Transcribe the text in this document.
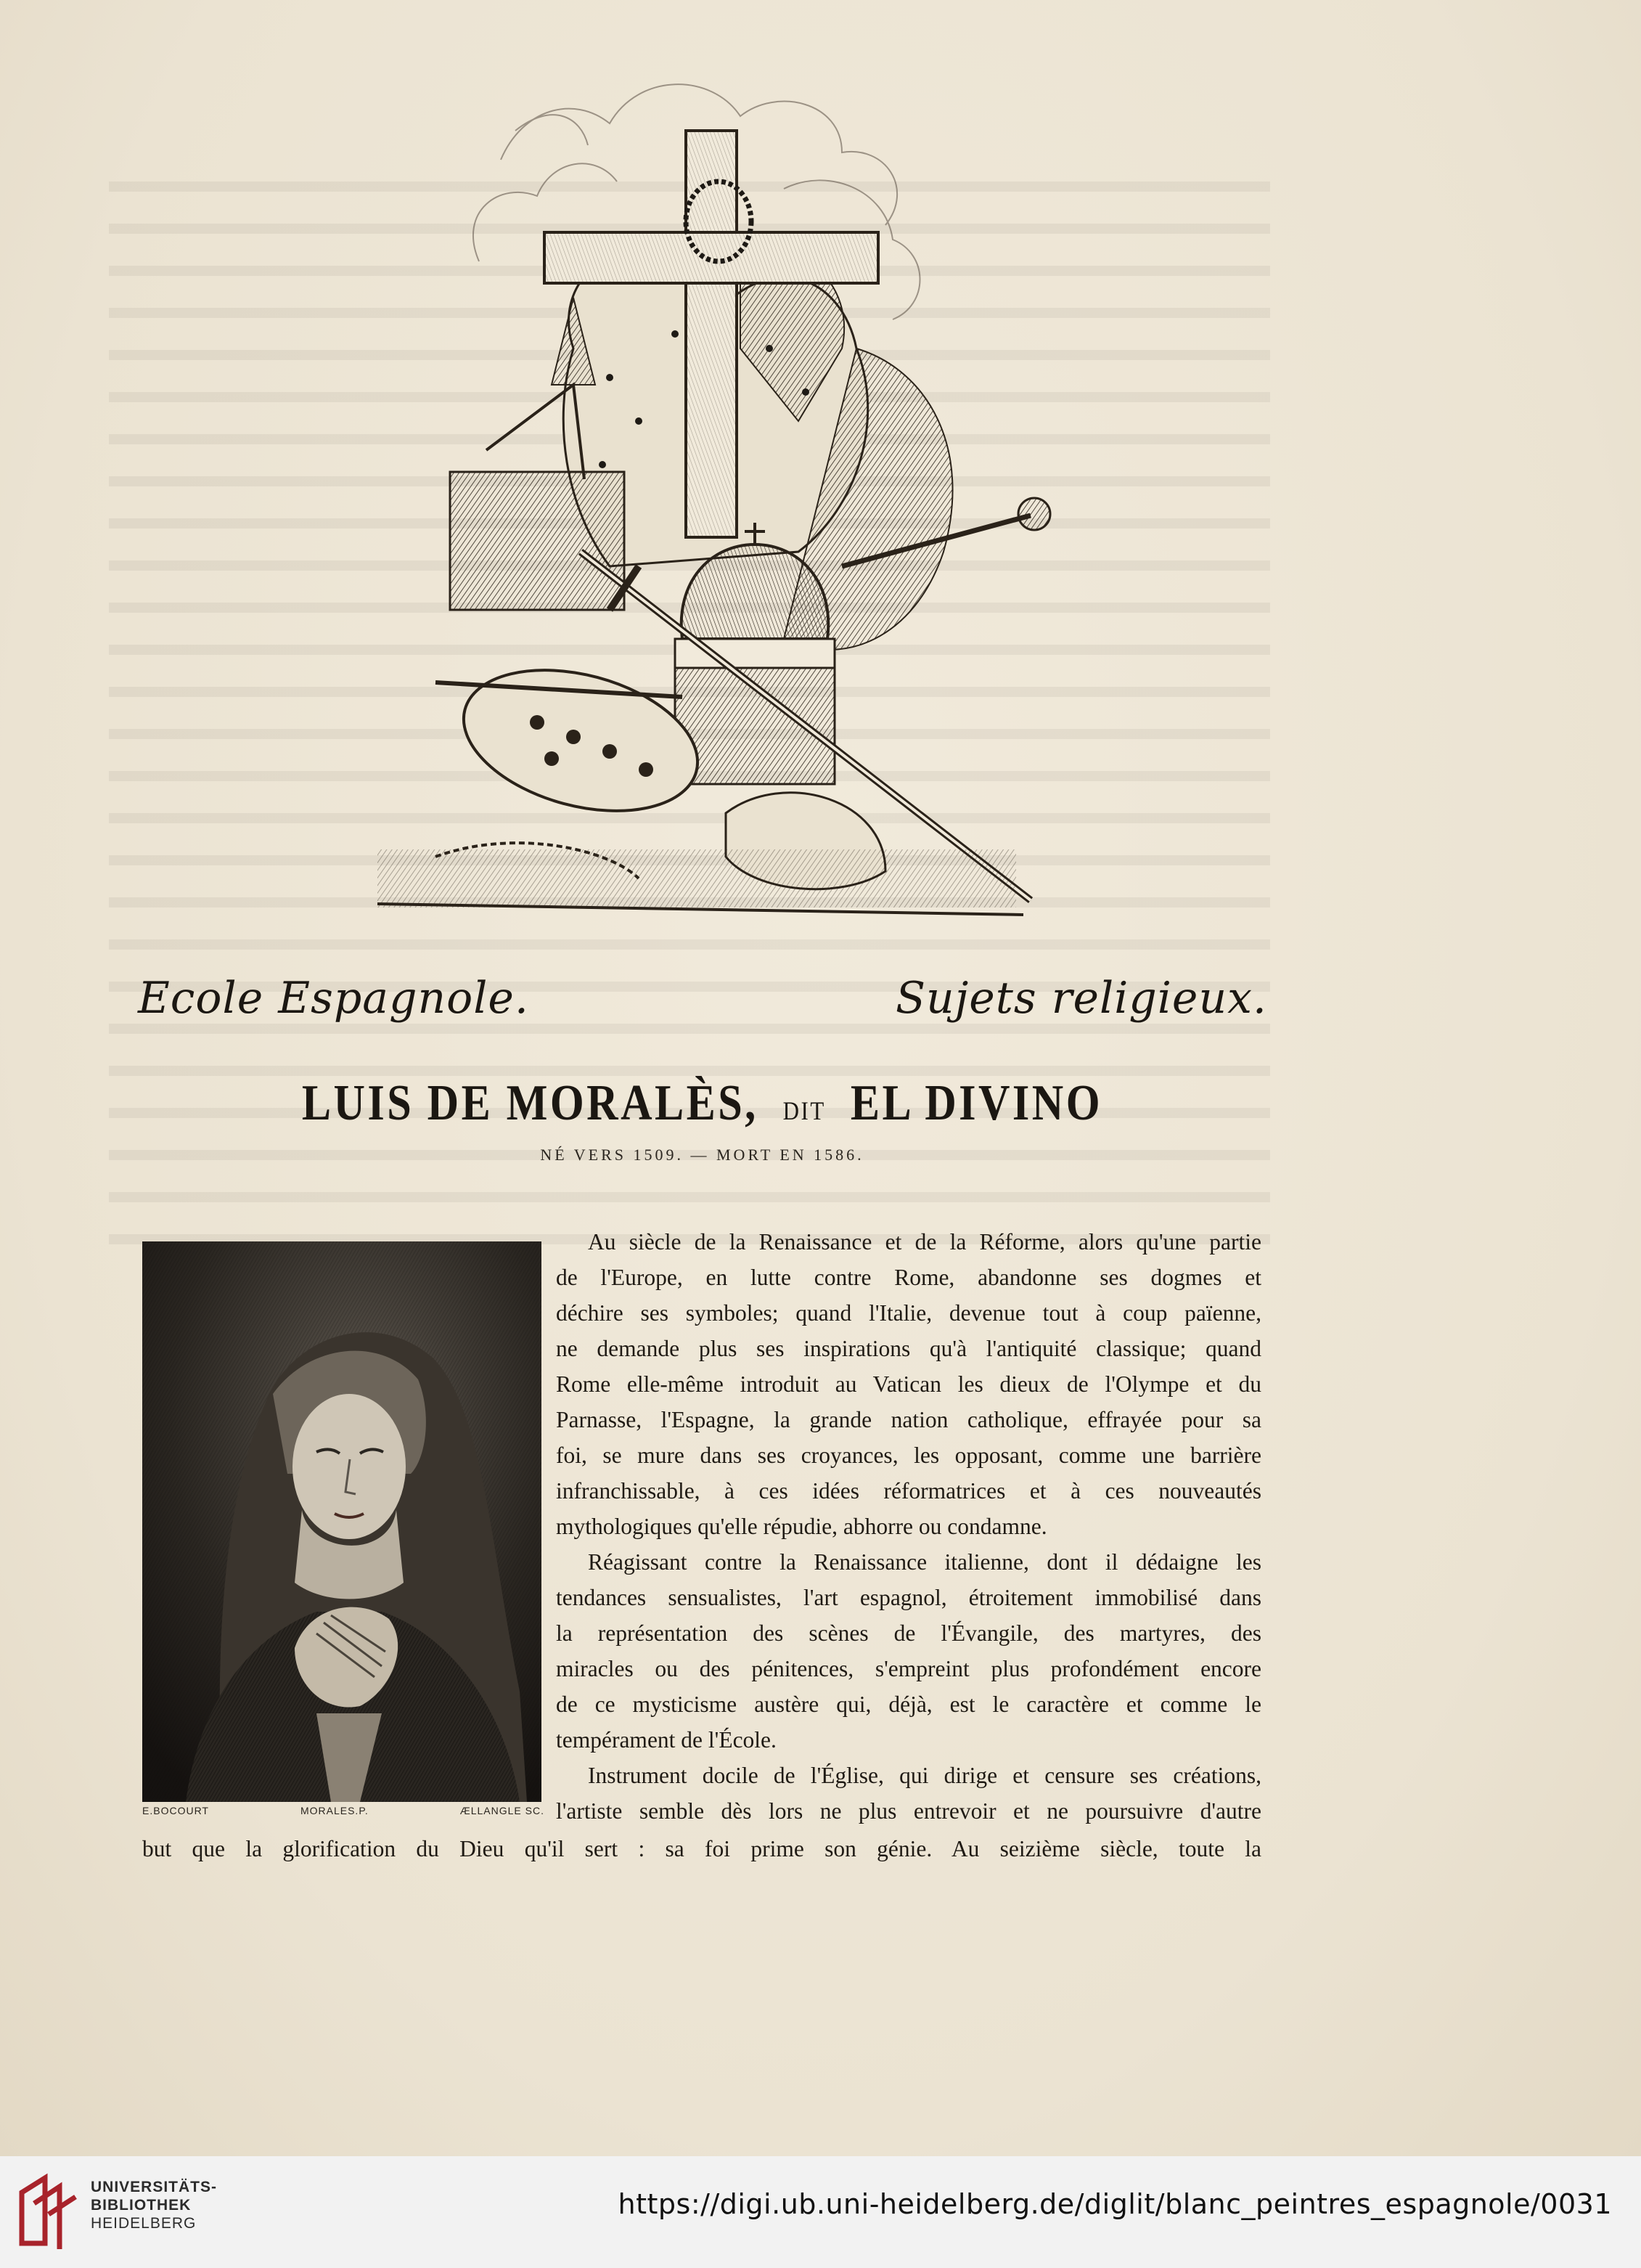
Ecole Espagnole.	Sujets religieux.
LUIS DE MORALÈS, DIT EL DIVINO
NÉ VERS 1509. — MORT EN 1586.
E.BOCOURT	MORALES.P.	ÆLLANGLE SC.
Au siècle de la Renaissance et de la Réforme, alors qu'une partie
de l'Europe, en lutte contre Rome, abandonne ses dogmes et
déchire ses symboles; quand l'Italie, devenue tout à coup païenne,
ne demande plus ses inspirations qu'à l'antiquité classique; quand
Rome elle-même introduit au Vatican les dieux de l'Olympe et du
Parnasse, l'Espagne, la grande nation catholique, effrayée pour sa
foi, se mure dans ses croyances, les opposant, comme une barrière
infranchissable, à ces idées réformatrices et à ces nouveautés
mythologiques qu'elle répudie, abhorre ou condamne.
Réagissant contre la Renaissance italienne, dont il dédaigne les
tendances sensualistes, l'art espagnol, étroitement immobilisé dans
la représentation des scènes de l'Évangile, des martyres, des
miracles ou des pénitences, s'empreint plus profondément encore
de ce mysticisme austère qui, déjà, est le caractère et comme le
tempérament de l'École.
Instrument docile de l'Église, qui dirige et censure ses créations,
l'artiste semble dès lors ne plus entrevoir et ne poursuivre d'autre
but que la glorification du Dieu qu'il sert : sa foi prime son génie. Au seizième siècle, toute la
UNIVERSITÄTS-
BIBLIOTHEK
HEIDELBERG
https://digi.ub.uni-heidelberg.de/diglit/blanc_peintres_espagnole/0031
